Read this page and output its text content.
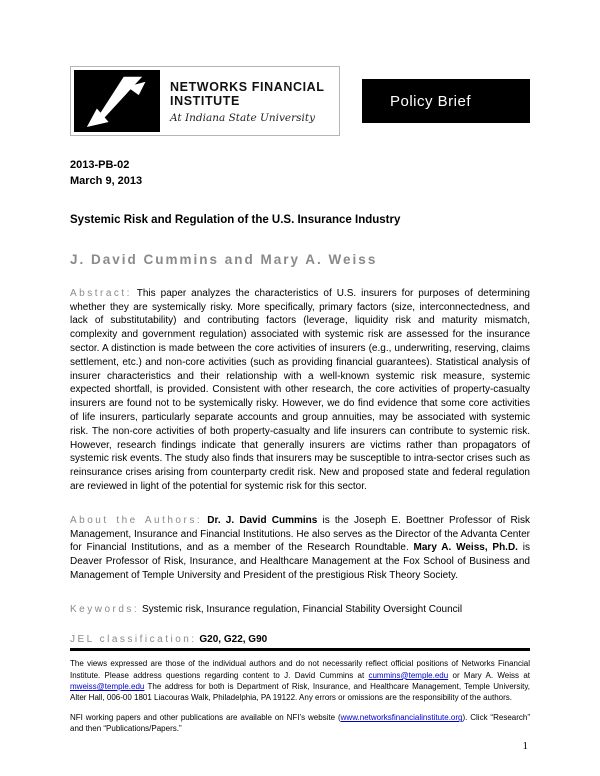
NETWORKS FINANCIAL
INSTITUTE
At Indiana State University
Policy Brief
2013-PB-02
March 9, 2013
Systemic Risk and Regulation of the U.S. Insurance Industry
J. David Cummins and Mary A. Weiss

Abstract: This paper analyzes the characteristics of U.S. insurers for purposes of determining whether they are systemically risky. More specifically, primary factors (size, interconnectedness, and lack of substitutability) and contributing factors (leverage, liquidity risk and maturity mismatch, complexity and government regulation) associated with systemic risk are assessed for the insurance sector. A distinction is made between the core activities of insurers (e.g., underwriting, reserving, claims settlement, etc.) and non-core activities (such as providing financial guarantees). Statistical analysis of insurer characteristics and their relationship with a well-known systemic risk measure, systemic expected shortfall, is provided. Consistent with other research, the core activities of property-casualty insurers are found not to be systemically risky. However, we do find evidence that some core activities of life insurers, particularly separate accounts and group annuities, may be associated with systemic risk. The non-core activities of both property-casualty and life insurers can contribute to systemic risk. However, research findings indicate that generally insurers are victims rather than propagators of systemic risk events. The study also finds that insurers may be susceptible to intra-sector crises such as reinsurance crises arising from counterparty credit risk. New and proposed state and federal regulation are reviewed in light of the potential for systemic risk for this sector.

About the Authors: Dr. J. David Cummins is the Joseph E. Boettner Professor of Risk Management, Insurance and Financial Institutions. He also serves as the Director of the Advanta Center for Financial Institutions, and as a member of the Research Roundtable. Mary A. Weiss, Ph.D. is Deaver Professor of Risk, Insurance, and Healthcare Management at the Fox School of Business and Management of Temple University and President of the prestigious Risk Theory Society.

Keywords: Systemic risk, Insurance regulation, Financial Stability Oversight Council

JEL classification: G20, G22, G90

The views expressed are those of the individual authors and do not necessarily reflect official positions of Networks Financial Institute. Please address questions regarding content to J. David Cummins at cummins@temple.edu or Mary A. Weiss at mweiss@temple.edu The address for both is Department of Risk, Insurance, and Healthcare Management, Temple University, Alter Hall, 006-00 1801 Liacouras Walk, Philadelphia, PA 19122. Any errors or omissions are the responsibility of the authors.

NFI working papers and other publications are available on NFI’s website (www.networksfinancialinstitute.org). Click “Research” and then “Publications/Papers.”

1
